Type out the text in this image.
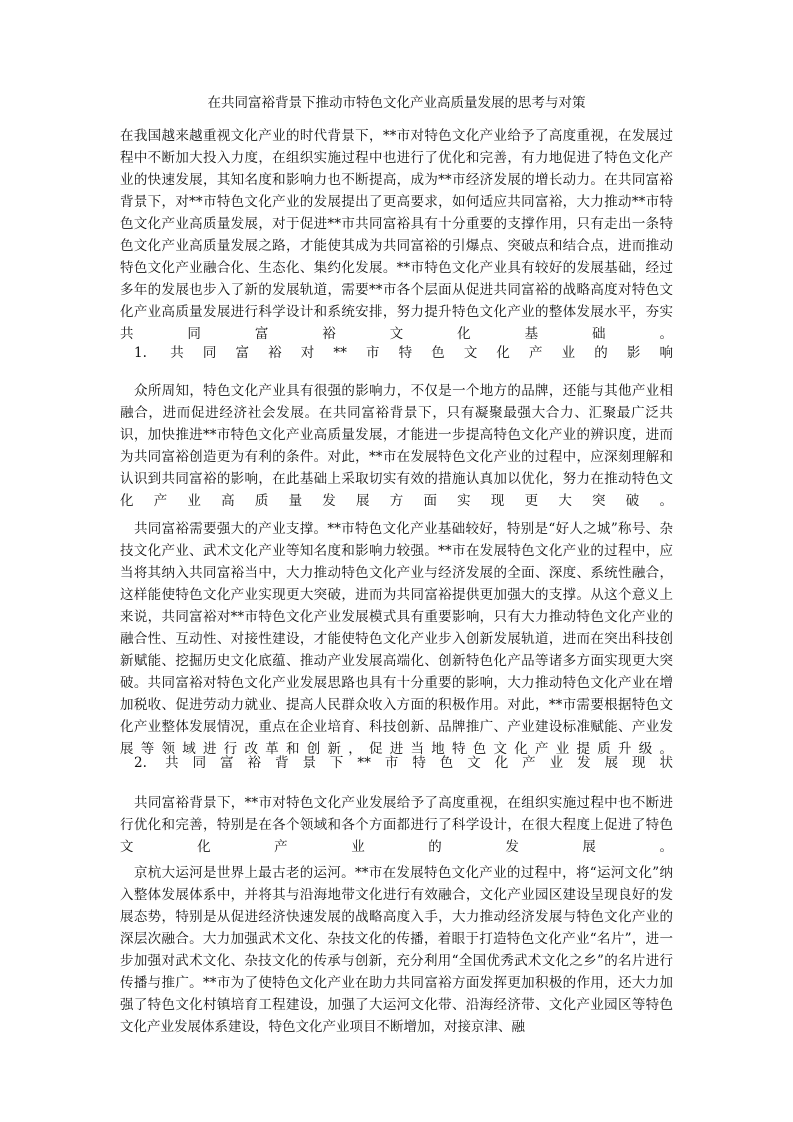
在共同富裕背景下推动市特色文化产业高质量发展的思考与对策

在我国越来越重视文化产业的时代背景下，**市对特色文化产业给予了高度重视，在发展过程中不断加大投入力度，在组织实施过程中也进行了优化和完善，有力地促进了特色文化产业的快速发展，其知名度和影响力也不断提高，成为**市经济发展的增长动力。在共同富裕背景下，对**市特色文化产业的发展提出了更高要求，如何适应共同富裕，大力推动**市特色文化产业高质量发展，对于促进**市共同富裕具有十分重要的支撑作用，只有走出一条特色文化产业高质量发展之路，才能使其成为共同富裕的引爆点、突破点和结合点，进而推动特色文化产业融合化、生态化、集约化发展。**市特色文化产业具有较好的发展基础，经过多年的发展也步入了新的发展轨道，需要**市各个层面从促进共同富裕的战略高度对特色文化产业高质量发展进行科学设计和系统安排，努力提升特色文化产业的整体发展水平，夯实共同富裕文化基础。

1. 共同富裕对**市特色文化产业的影响

众所周知，特色文化产业具有很强的影响力，不仅是一个地方的品牌，还能与其他产业相融合，进而促进经济社会发展。在共同富裕背景下，只有凝聚最强大合力、汇聚最广泛共识，加快推进**市特色文化产业高质量发展，才能进一步提高特色文化产业的辨识度，进而为共同富裕创造更为有利的条件。对此，**市在发展特色文化产业的过程中，应深刻理解和认识到共同富裕的影响，在此基础上采取切实有效的措施认真加以优化，努力在推动特色文化产业高质量发展方面实现更大突破。

共同富裕需要强大的产业支撑。**市特色文化产业基础较好，特别是“好人之城”称号、杂技文化产业、武术文化产业等知名度和影响力较强。**市在发展特色文化产业的过程中，应当将其纳入共同富裕当中，大力推动特色文化产业与经济发展的全面、深度、系统性融合，这样能使特色文化产业实现更大突破，进而为共同富裕提供更加强大的支撑。从这个意义上来说，共同富裕对**市特色文化产业发展模式具有重要影响，只有大力推动特色文化产业的融合性、互动性、对接性建设，才能使特色文化产业步入创新发展轨道，进而在突出科技创新赋能、挖掘历史文化底蕴、推动产业发展高端化、创新特色化产品等诸多方面实现更大突破。共同富裕对特色文化产业发展思路也具有十分重要的影响，大力推动特色文化产业在增加税收、促进劳动力就业、提高人民群众收入方面的积极作用。对此，**市需要根据特色文化产业整体发展情况，重点在企业培育、科技创新、品牌推广、产业建设标准赋能、产业发展等领域进行改革和创新，促进当地特色文化产业提质升级。

2. 共同富裕背景下**市特色文化产业发展现状

共同富裕背景下，**市对特色文化产业发展给予了高度重视，在组织实施过程中也不断进行优化和完善，特别是在各个领域和各个方面都进行了科学设计，在很大程度上促进了特色文化产业的发展。

京杭大运河是世界上最古老的运河。**市在发展特色文化产业的过程中，将“运河文化”纳入整体发展体系中，并将其与沿海地带文化进行有效融合，文化产业园区建设呈现良好的发展态势，特别是从促进经济快速发展的战略高度入手，大力推动经济发展与特色文化产业的深层次融合。大力加强武术文化、杂技文化的传播，着眼于打造特色文化产业“名片”，进一步加强对武术文化、杂技文化的传承与创新，充分利用“全国优秀武术文化之乡”的名片进行传播与推广。**市为了使特色文化产业在助力共同富裕方面发挥更加积极的作用，还大力加强了特色文化村镇培育工程建设，加强了大运河文化带、沿海经济带、文化产业园区等特色文化产业发展体系建设，特色文化产业项目不断增加，对接京津、融
